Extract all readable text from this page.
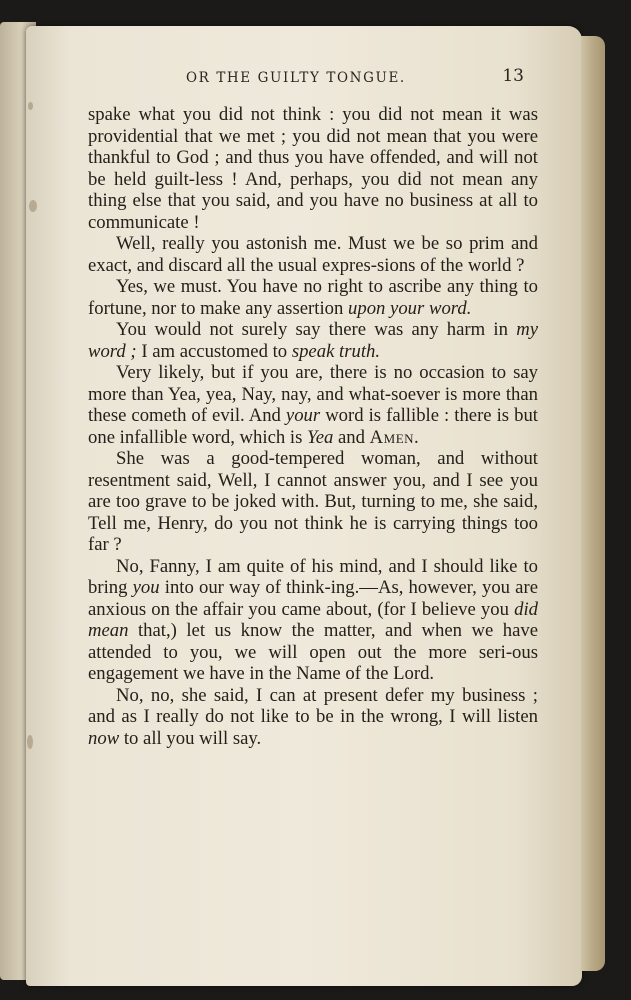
OR THE GUILTY TONGUE.	13

spake what you did not think : you did not mean it was providential that we met ; you did not mean that you were thankful to God ; and thus you have offended, and will not be held guilt-less ! And, perhaps, you did not mean any thing else that you said, and you have no business at all to communicate !

Well, really you astonish me. Must we be so prim and exact, and discard all the usual expres-sions of the world ?

Yes, we must. You have no right to ascribe any thing to fortune, nor to make any assertion upon your word.

You would not surely say there was any harm in my word ; I am accustomed to speak truth.

Very likely, but if you are, there is no occasion to say more than Yea, yea, Nay, nay, and what-soever is more than these cometh of evil. And your word is fallible : there is but one infallible word, which is Yea and Amen.

She was a good-tempered woman, and without resentment said, Well, I cannot answer you, and I see you are too grave to be joked with. But, turning to me, she said, Tell me, Henry, do you not think he is carrying things too far ?

No, Fanny, I am quite of his mind, and I should like to bring you into our way of think-ing.—As, however, you are anxious on the affair you came about, (for I believe you did mean that,) let us know the matter, and when we have attended to you, we will open out the more seri-ous engagement we have in the Name of the Lord.

No, no, she said, I can at present defer my business ; and as I really do not like to be in the wrong, I will listen now to all you will say.
